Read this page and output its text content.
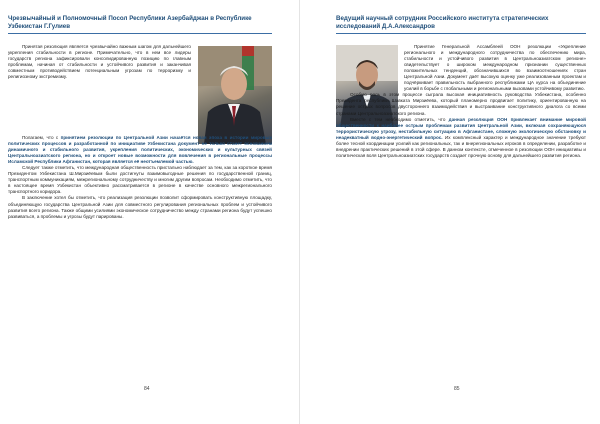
Чрезвычайный и Полномочный Посол Республики Азербайджан в Республике Узбекистан Г.Гулиев

Принятая резолюция является чрезвычайно важным шагом для дальнейшего укрепления стабильности в регионе. Примечательно, что в нем все лидеры государств региона зафиксировали консолидированную позицию по главным проблемам, начиная от стабильности и устойчивого развития и заканчивая совместным противодействием потенциальным угрозам по терроризму и религиозному экстремизму.

Полагаем, что с принятием резолюции по Центральной Азии начаётся новая эпоха в истории мировых политических процессов и разработанной по инициативе Узбекистана документ не только станет основанием динамичного и стабильного развития, укрепления политических, экономических и культурных связей Центральноазиатского региона, но и откроет новые возможности для вовлечения в региональные процессы Исламской Республики Афганистан, которая является её неотъемлемой частью.

Следует также отметить, что международная общественность пристально наблюдает за тем, как за короткое время Президентом Узбекистана Ш.Мирзиёевым были достигнуты взаимовыгодные решения по государственной границ, транспортным коммуникациям, межрегиональному сотрудничеству и многим другим вопросам. Необходимо отметить, что в настоящее время Узбекистан объективно рассматривается в регионе в качестве основного межрегионального транспортного коридора.

В заключение хотел бы отметить, что реализация резолюции позволит сформировать конструктивную площадку, объединяющую государства Центральной Азии для совместного регулирования региональных проблем и устойчивого развития всего региона. Также общими усилиями экономическое сотрудничество между странами региона будут успешно развиваться, а проблемы и угрозы будут парированы.

84
Ведущий научный сотрудник Российского института стратегических исследований Д.А.Александров

Принятие Генеральной Ассамблеей ООН резолюции «Укрепление регионального и международного сотрудничества по обеспечению мира, стабильности и устойчивого развития в Центральноазиатском регионе» свидетельствует о широком международном признании существенных положительных тенденций, обозначившихся во взаимоотношениях стран Центральной Азии. Документ даёт высокую оценку уже реализованным проектам и подчёркивает правильность выбранного республиками ЦА курса на объединение усилий в борьбе с глобальными и региональными вызовами устойчивому развитию.

Особую роль в этом процессе сыграла высокая инициативность руководства Узбекистана, особенно Президента республики Шавката Мирзиёева, который планомерно продвигает политику, ориентированную на решение острых вопросов двустороннего взаимодействия и выстраивание конструктивного диалога со всеми странами Центральноазиатского региона.

Вместе с тем необходимо отметить, что данная резолюция ООН привлекает внимание мировой общественности к наиболее острым проблемам развития Центральной Азии, включая сохраняющуюся террористическую угрозу, нестабильную ситуацию в Афганистане, сложную экологическую обстановку и неадекватный водно-энергетический вопрос. Их комплексный характер и международное значение требуют более тесной координации усилий как региональных, так и внерегиональных игроков в определении, разработке и внедрении практических решений в этой сфере. В данном контексте, отмеченное в резолюции ООН инициативы и политическая воля Центральноазиатских государств создает прочную основу для дальнейшего развития региона.

85
